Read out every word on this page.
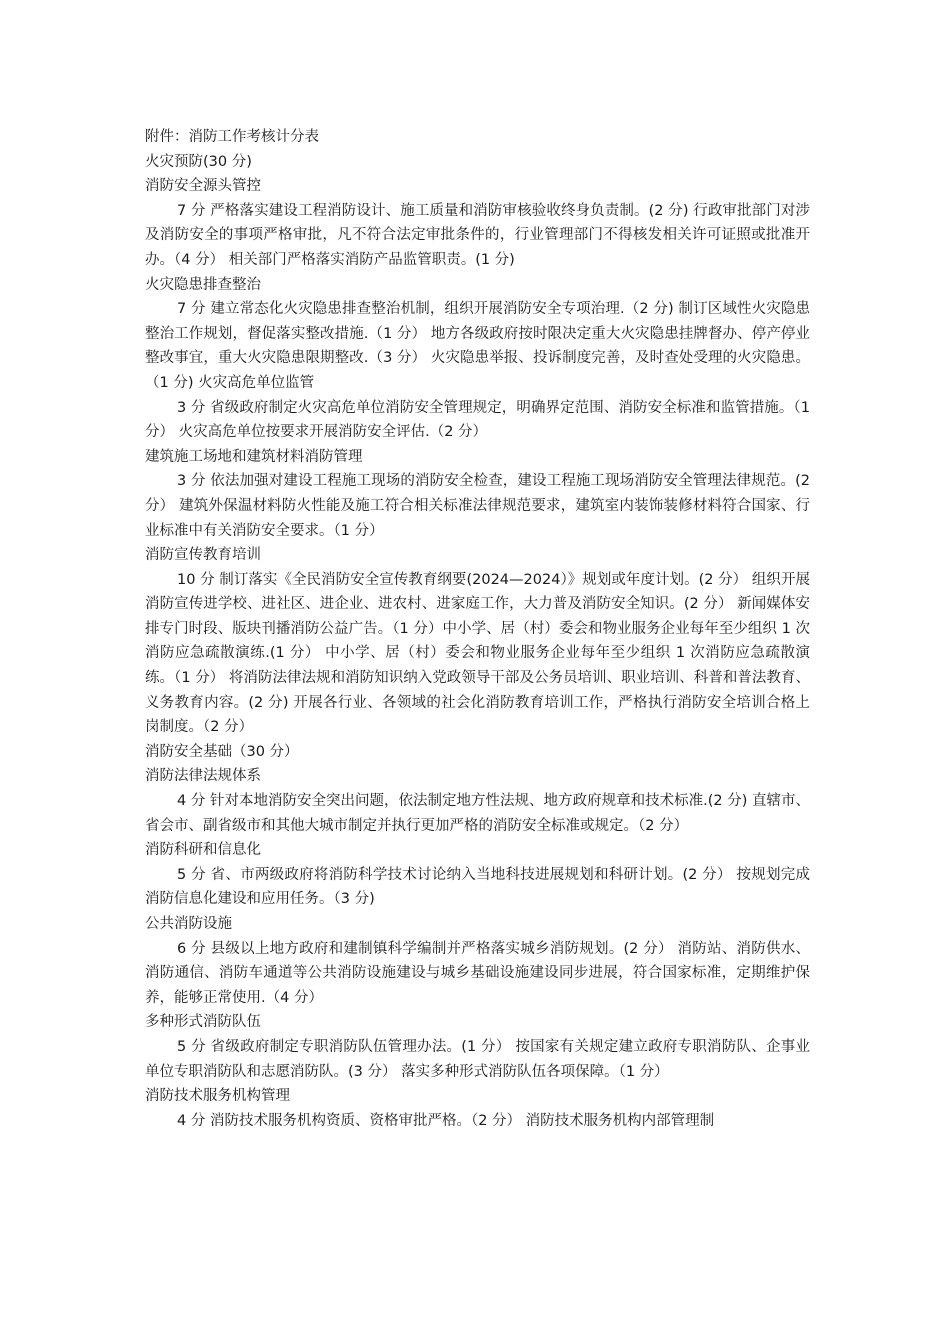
附件：消防工作考核计分表
火灾预防(30 分)
消防安全源头管控

7 分 严格落实建设工程消防设计、施工质量和消防审核验收终身负责制。(2 分) 行政审批部门对涉及消防安全的事项严格审批，凡不符合法定审批条件的，行业管理部门不得核发相关许可证照或批准开办。（4 分） 相关部门严格落实消防产品监管职责。(1 分)

火灾隐患排查整治

7 分 建立常态化火灾隐患排查整治机制，组织开展消防安全专项治理.（2 分) 制订区域性火灾隐患整治工作规划，督促落实整改措施.（1 分） 地方各级政府按时限决定重大火灾隐患挂牌督办、停产停业整改事宜，重大火灾隐患限期整改.（3 分） 火灾隐患举报、投诉制度完善，及时查处受理的火灾隐患。（1 分) 火灾高危单位监管

3 分 省级政府制定火灾高危单位消防安全管理规定，明确界定范围、消防安全标准和监管措施。（1 分） 火灾高危单位按要求开展消防安全评估.（2 分）

建筑施工场地和建筑材料消防管理

3 分 依法加强对建设工程施工现场的消防安全检查，建设工程施工现场消防安全管理法律规范。(2 分） 建筑外保温材料防火性能及施工符合相关标准法律规范要求，建筑室内装饰装修材料符合国家、行业标准中有关消防安全要求。（1 分）

消防宣传教育培训

10 分 制订落实《全民消防安全宣传教育纲要(2024—2024）》规划或年度计划。(2 分） 组织开展消防宣传进学校、进社区、进企业、进农村、进家庭工作，大力普及消防安全知识。(2 分） 新闻媒体安排专门时段、版块刊播消防公益广告。（1 分）中小学、居（村）委会和物业服务企业每年至少组织 1 次消防应急疏散演练.(1 分） 中小学、居（村）委会和物业服务企业每年至少组织 1 次消防应急疏散演练。（1 分） 将消防法律法规和消防知识纳入党政领导干部及公务员培训、职业培训、科普和普法教育、义务教育内容。(2 分) 开展各行业、各领域的社会化消防教育培训工作，严格执行消防安全培训合格上岗制度。（2 分）

消防安全基础（30 分）
消防法律法规体系

4 分 针对本地消防安全突出问题，依法制定地方性法规、地方政府规章和技术标准.(2 分) 直辖市、省会市、副省级市和其他大城市制定并执行更加严格的消防安全标准或规定。（2 分）

消防科研和信息化

5 分 省、市两级政府将消防科学技术讨论纳入当地科技进展规划和科研计划。(2 分） 按规划完成消防信息化建设和应用任务。（3 分)

公共消防设施

6 分 县级以上地方政府和建制镇科学编制并严格落实城乡消防规划。(2 分） 消防站、消防供水、消防通信、消防车通道等公共消防设施建设与城乡基础设施建设同步进展，符合国家标准，定期维护保养，能够正常使用.（4 分）

多种形式消防队伍

5 分 省级政府制定专职消防队伍管理办法。(1 分） 按国家有关规定建立政府专职消防队、企事业单位专职消防队和志愿消防队。(3 分） 落实多种形式消防队伍各项保障。（1 分）

消防技术服务机构管理

4 分 消防技术服务机构资质、资格审批严格。（2 分） 消防技术服务机构内部管理制
